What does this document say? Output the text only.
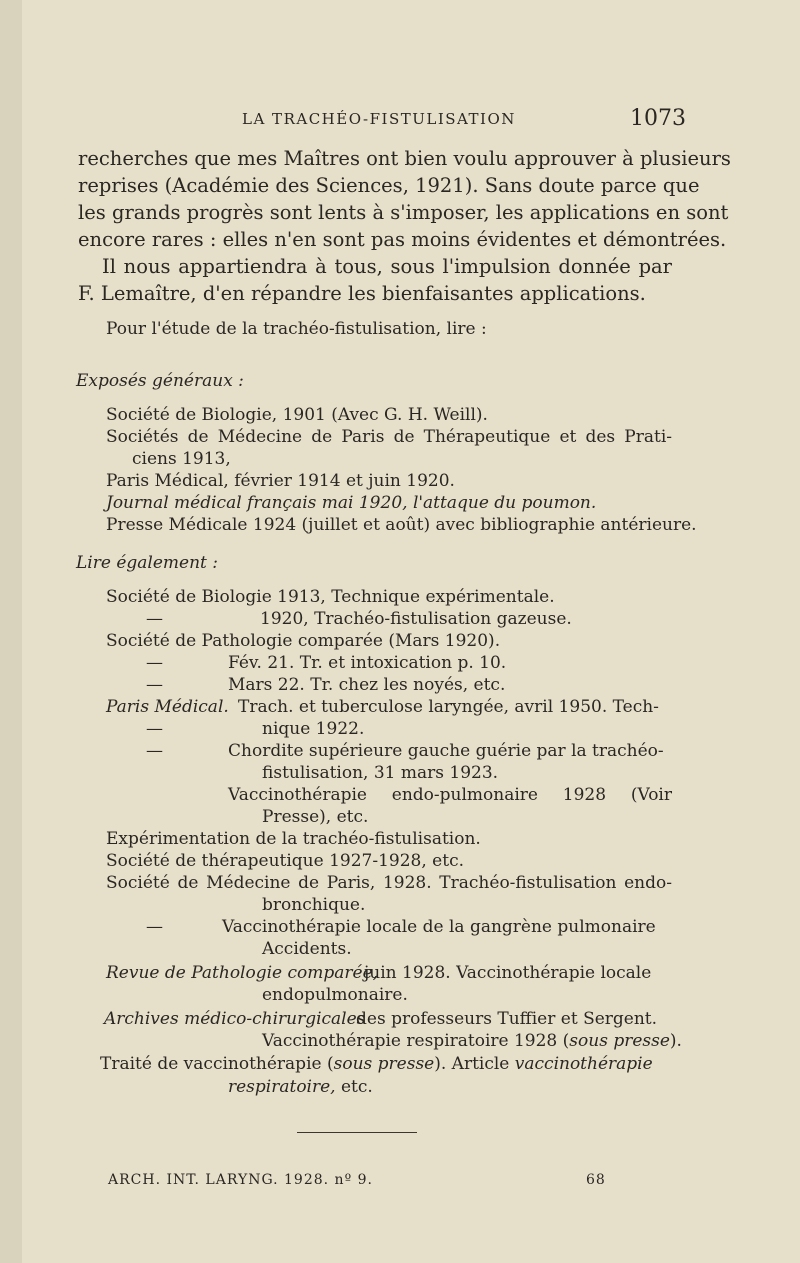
LA TRACHÉO-FISTULISATION	1073
recherches que mes Maîtres ont bien voulu approuver à plusieurs
reprises (Académie des Sciences, 1921). Sans doute parce que
les grands progrès sont lents à s'imposer, les applications en sont
encore rares : elles n'en sont pas moins évidentes et démontrées.
Il nous appartiendra à tous, sous l'impulsion donnée par
F. Lemaître, d'en répandre les bienfaisantes applications.
Pour l'étude de la trachéo-fistulisation, lire :
Exposés généraux :
Société de Biologie, 1901 (Avec G. H. Weill).
Sociétés de Médecine de Paris de Thérapeutique et des Prati-
ciens 1913,
Paris Médical, février 1914 et juin 1920.
Journal médical français mai 1920, l'attaque du poumon.
Presse Médicale 1924 (juillet et août) avec bibliographie antérieure.
Lire également :
Société de Biologie 1913, Technique expérimentale.
—	1920, Trachéo-fistulisation gazeuse.
Société de Pathologie comparée (Mars 1920).
—	Fév. 21. Tr. et intoxication p. 10.
—	Mars 22. Tr. chez les noyés, etc.
Paris Médical. Trach. et tuberculose laryngée, avril 1950. Tech-
—	nique 1922.
—	Chordite supérieure gauche guérie par la trachéo-
fistulisation, 31 mars 1923.
Vaccinothérapie endo-pulmonaire 1928 (Voir
Presse), etc.
Expérimentation de la trachéo-fistulisation.
Société de thérapeutique 1927-1928, etc.
Société de Médecine de Paris, 1928. Trachéo-fistulisation endo-
bronchique.
—	Vaccinothérapie locale de la gangrène pulmonaire
Accidents.
Revue de Pathologie comparée,
juin 1928. Vaccinothérapie locale
endopulmonaire.
Archives médico-chirurgicales
des professeurs Tuffier et Sergent.
Vaccinothérapie respiratoire 1928 (sous presse).
Traité de vaccinothérapie (sous presse). Article vaccinothérapie
respiratoire, etc.
ARCH. INT. LARYNG. 1928. nº 9.	68
